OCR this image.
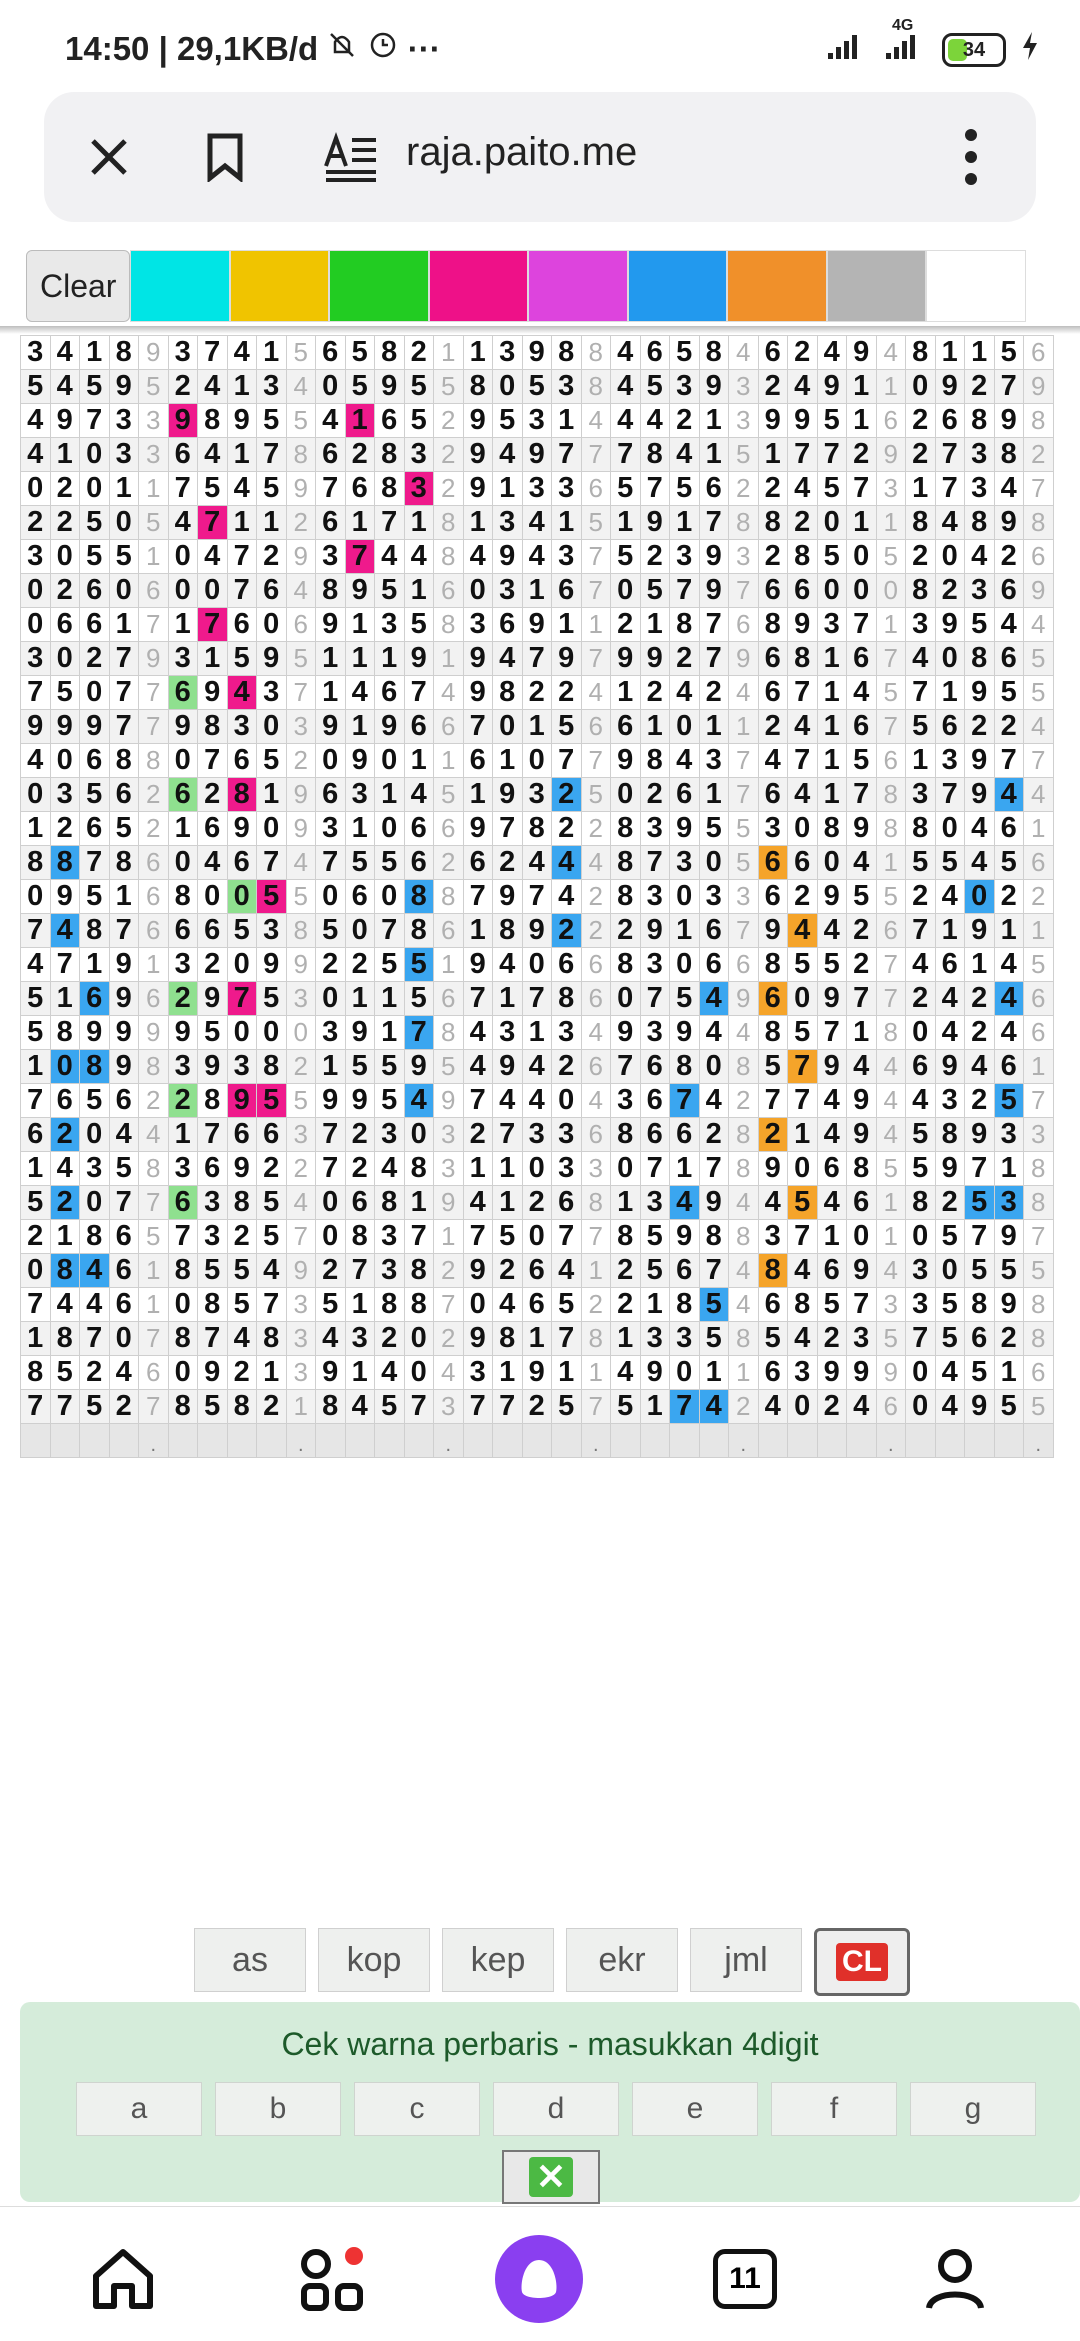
14:50 | 29,1KB/d	···
4G
34
raja.paito.me
Clear
3	4	1	8	9	3	7	4	1	5	6	5	8	2	1	1	3	9	8	8	4	6	5	8	4	6	2	4	9	4	8	1	1	5	6
5	4	5	9	5	2	4	1	3	4	0	5	9	5	5	8	0	5	3	8	4	5	3	9	3	2	4	9	1	1	0	9	2	7	9
4	9	7	3	3	9	8	9	5	5	4	1	6	5	2	9	5	3	1	4	4	4	2	1	3	9	9	5	1	6	2	6	8	9	8
4	1	0	3	3	6	4	1	7	8	6	2	8	3	2	9	4	9	7	7	7	8	4	1	5	1	7	7	2	9	2	7	3	8	2
0	2	0	1	1	7	5	4	5	9	7	6	8	3	2	9	1	3	3	6	5	7	5	6	2	2	4	5	7	3	1	7	3	4	7
2	2	5	0	5	4	7	1	1	2	6	1	7	1	8	1	3	4	1	5	1	9	1	7	8	8	2	0	1	1	8	4	8	9	8
3	0	5	5	1	0	4	7	2	9	3	7	4	4	8	4	9	4	3	7	5	2	3	9	3	2	8	5	0	5	2	0	4	2	6
0	2	6	0	6	0	0	7	6	4	8	9	5	1	6	0	3	1	6	7	0	5	7	9	7	6	6	0	0	0	8	2	3	6	9
0	6	6	1	7	1	7	6	0	6	9	1	3	5	8	3	6	9	1	1	2	1	8	7	6	8	9	3	7	1	3	9	5	4	4
3	0	2	7	9	3	1	5	9	5	1	1	1	9	1	9	4	7	9	7	9	9	2	7	9	6	8	1	6	7	4	0	8	6	5
7	5	0	7	7	6	9	4	3	7	1	4	6	7	4	9	8	2	2	4	1	2	4	2	4	6	7	1	4	5	7	1	9	5	5
9	9	9	7	7	9	8	3	0	3	9	1	9	6	6	7	0	1	5	6	6	1	0	1	1	2	4	1	6	7	5	6	2	2	4
4	0	6	8	8	0	7	6	5	2	0	9	0	1	1	6	1	0	7	7	9	8	4	3	7	4	7	1	5	6	1	3	9	7	7
0	3	5	6	2	6	2	8	1	9	6	3	1	4	5	1	9	3	2	5	0	2	6	1	7	6	4	1	7	8	3	7	9	4	4
1	2	6	5	2	1	6	9	0	9	3	1	0	6	6	9	7	8	2	2	8	3	9	5	5	3	0	8	9	8	8	0	4	6	1
8	8	7	8	6	0	4	6	7	4	7	5	5	6	2	6	2	4	4	4	8	7	3	0	5	6	6	0	4	1	5	5	4	5	6
0	9	5	1	6	8	0	0	5	5	0	6	0	8	8	7	9	7	4	2	8	3	0	3	3	6	2	9	5	5	2	4	0	2	2
7	4	8	7	6	6	6	5	3	8	5	0	7	8	6	1	8	9	2	2	2	9	1	6	7	9	4	4	2	6	7	1	9	1	1
4	7	1	9	1	3	2	0	9	9	2	2	5	5	1	9	4	0	6	6	8	3	0	6	6	8	5	5	2	7	4	6	1	4	5
5	1	6	9	6	2	9	7	5	3	0	1	1	5	6	7	1	7	8	6	0	7	5	4	9	6	0	9	7	7	2	4	2	4	6
5	8	9	9	9	9	5	0	0	0	3	9	1	7	8	4	3	1	3	4	9	3	9	4	4	8	5	7	1	8	0	4	2	4	6
1	0	8	9	8	3	9	3	8	2	1	5	5	9	5	4	9	4	2	6	7	6	8	0	8	5	7	9	4	4	6	9	4	6	1
7	6	5	6	2	2	8	9	5	5	9	9	5	4	9	7	4	4	0	4	3	6	7	4	2	7	7	4	9	4	4	3	2	5	7
6	2	0	4	4	1	7	6	6	3	7	2	3	0	3	2	7	3	3	6	8	6	6	2	8	2	1	4	9	4	5	8	9	3	3
1	4	3	5	8	3	6	9	2	2	7	2	4	8	3	1	1	0	3	3	0	7	1	7	8	9	0	6	8	5	5	9	7	1	8
5	2	0	7	7	6	3	8	5	4	0	6	8	1	9	4	1	2	6	8	1	3	4	9	4	4	5	4	6	1	8	2	5	3	8
2	1	8	6	5	7	3	2	5	7	0	8	3	7	1	7	5	0	7	7	8	5	9	8	8	3	7	1	0	1	0	5	7	9	7
0	8	4	6	1	8	5	5	4	9	2	7	3	8	2	9	2	6	4	1	2	5	6	7	4	8	4	6	9	4	3	0	5	5	5
7	4	4	6	1	0	8	5	7	3	5	1	8	8	7	0	4	6	5	2	2	1	8	5	4	6	8	5	7	3	3	5	8	9	8
1	8	7	0	7	8	7	4	8	3	4	3	2	0	2	9	8	1	7	8	1	3	3	5	8	5	4	2	3	5	7	5	6	2	8
8	5	2	4	6	0	9	2	1	3	9	1	4	0	4	3	1	9	1	1	4	9	0	1	1	6	3	9	9	9	0	4	5	1	6
7	7	5	2	7	8	5	8	2	1	8	4	5	7	3	7	7	2	5	7	5	1	7	4	2	4	0	2	4	6	0	4	9	5	5
				.					.					.					.					.					.					.
as	kop	kep	ekr	jml	CL
Cek warna perbaris - masukkan 4digit
a	b	c	d	e	f	g
✕
11
